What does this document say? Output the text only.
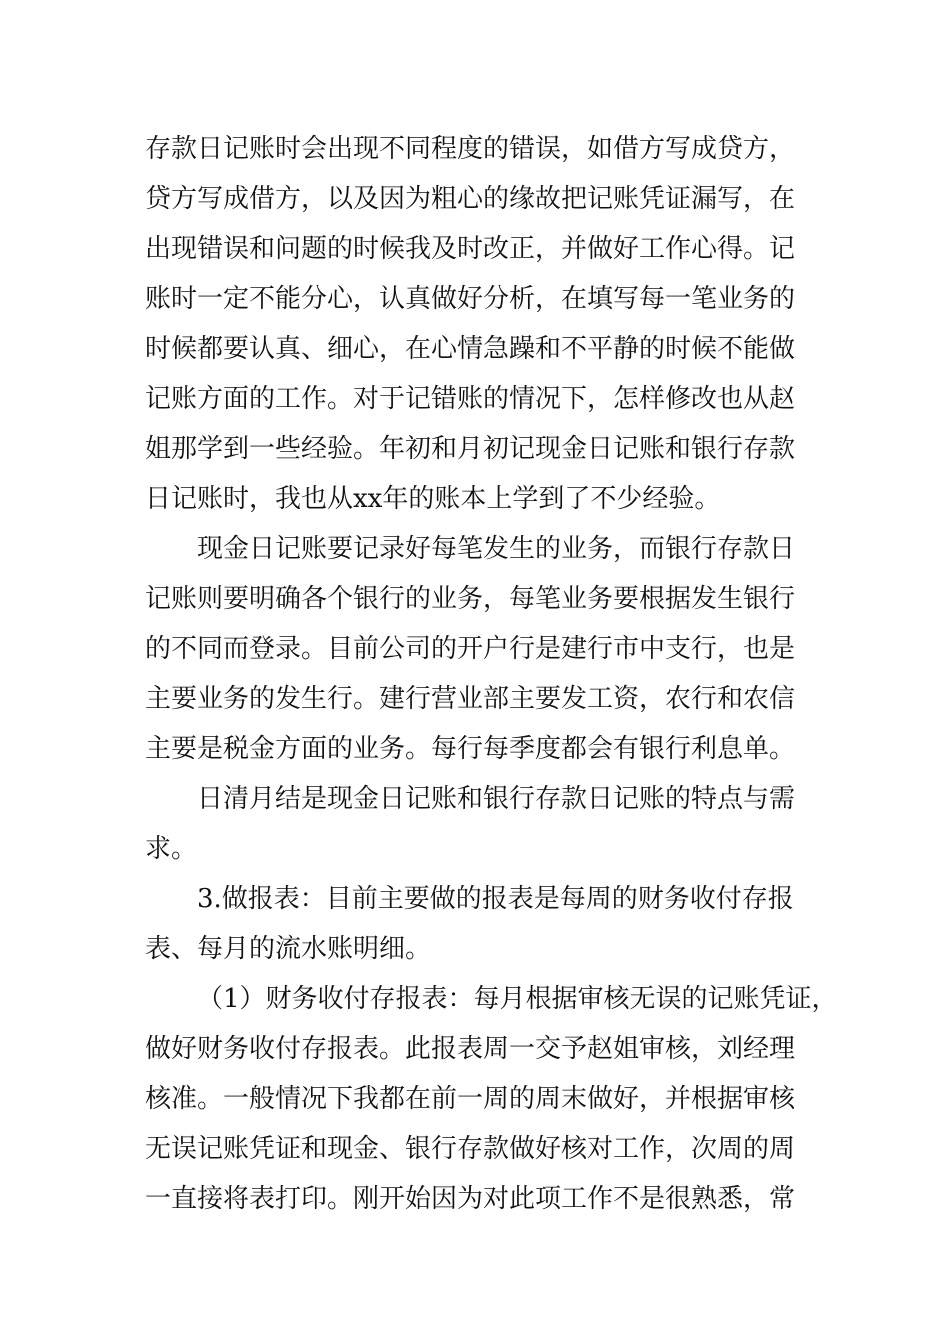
存款日记账时会出现不同程度的错误，如借方写成贷方，
贷方写成借方，以及因为粗心的缘故把记账凭证漏写，在
出现错误和问题的时候我及时改正，并做好工作心得。记
账时一定不能分心，认真做好分析，在填写每一笔业务的
时候都要认真、细心，在心情急躁和不平静的时候不能做
记账方面的工作。对于记错账的情况下，怎样修改也从赵
姐那学到一些经验。年初和月初记现金日记账和银行存款
日记账时，我也从xx年的账本上学到了不少经验。
现金日记账要记录好每笔发生的业务，而银行存款日
记账则要明确各个银行的业务，每笔业务要根据发生银行
的不同而登录。目前公司的开户行是建行市中支行，也是
主要业务的发生行。建行营业部主要发工资，农行和农信
主要是税金方面的业务。每行每季度都会有银行利息单。
日清月结是现金日记账和银行存款日记账的特点与需
求。
3.做报表：目前主要做的报表是每周的财务收付存报
表、每月的流水账明细。
（1）财务收付存报表：每月根据审核无误的记账凭证，
做好财务收付存报表。此报表周一交予赵姐审核，刘经理
核准。一般情况下我都在前一周的周末做好，并根据审核
无误记账凭证和现金、银行存款做好核对工作，次周的周
一直接将表打印。刚开始因为对此项工作不是很熟悉，常
